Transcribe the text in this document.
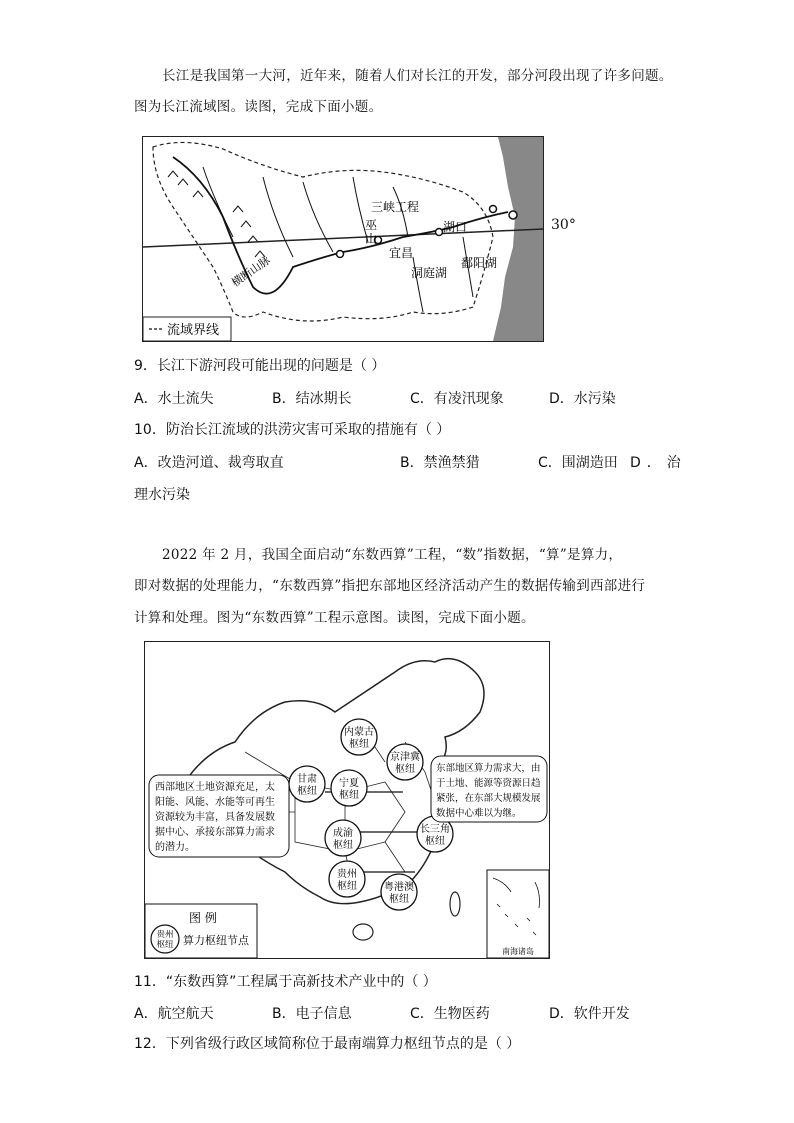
长江是我国第一大河，近年来，随着人们对长江的开发，部分河段出现了许多问题。
图为长江流域图。读图，完成下面小题。
三峡工程
巫
山
湖口
宜昌
洞庭湖
鄱阳湖
横断山脉
流域界线
30°
9．长江下游河段可能出现的问题是（ ）
A．水土流失	B．结冰期长	C．有凌汛现象	D．水污染
10．防治长江流域的洪涝灾害可采取的措施有（ ）
A．改造河道、裁弯取直	B．禁渔禁猎	C．围湖造田 D．治
理水污染
2022 年 2 月，我国全面启动“东数西算”工程，“数”指数据，“算”是算力，
即对数据的处理能力，“东数西算”指把东部地区经济活动产生的数据传输到西部进行
计算和处理。图为“东数西算”工程示意图。读图，完成下面小题。
内蒙古
枢纽
京津冀
枢纽
甘肃
枢纽
宁夏
枢纽
成渝
枢纽
长三角
枢纽
贵州
枢纽	粤港澳
枢纽
西部地区土地资源充足，太
阳能、风能、水能等可再生
资源较为丰富，具备发展数
据中心、承接东部算力需求
的潜力。
东部地区算力需求大，由
于土地、能源等资源日趋
紧张，在东部大规模发展
数据中心难以为继。
图 例
贵州
枢纽 算力枢纽节点
南海诸岛
11．“东数西算”工程属于高新技术产业中的（ ）
A．航空航天	B．电子信息	C．生物医药	D．软件开发
12．下列省级行政区域简称位于最南端算力枢纽节点的是（ ）
